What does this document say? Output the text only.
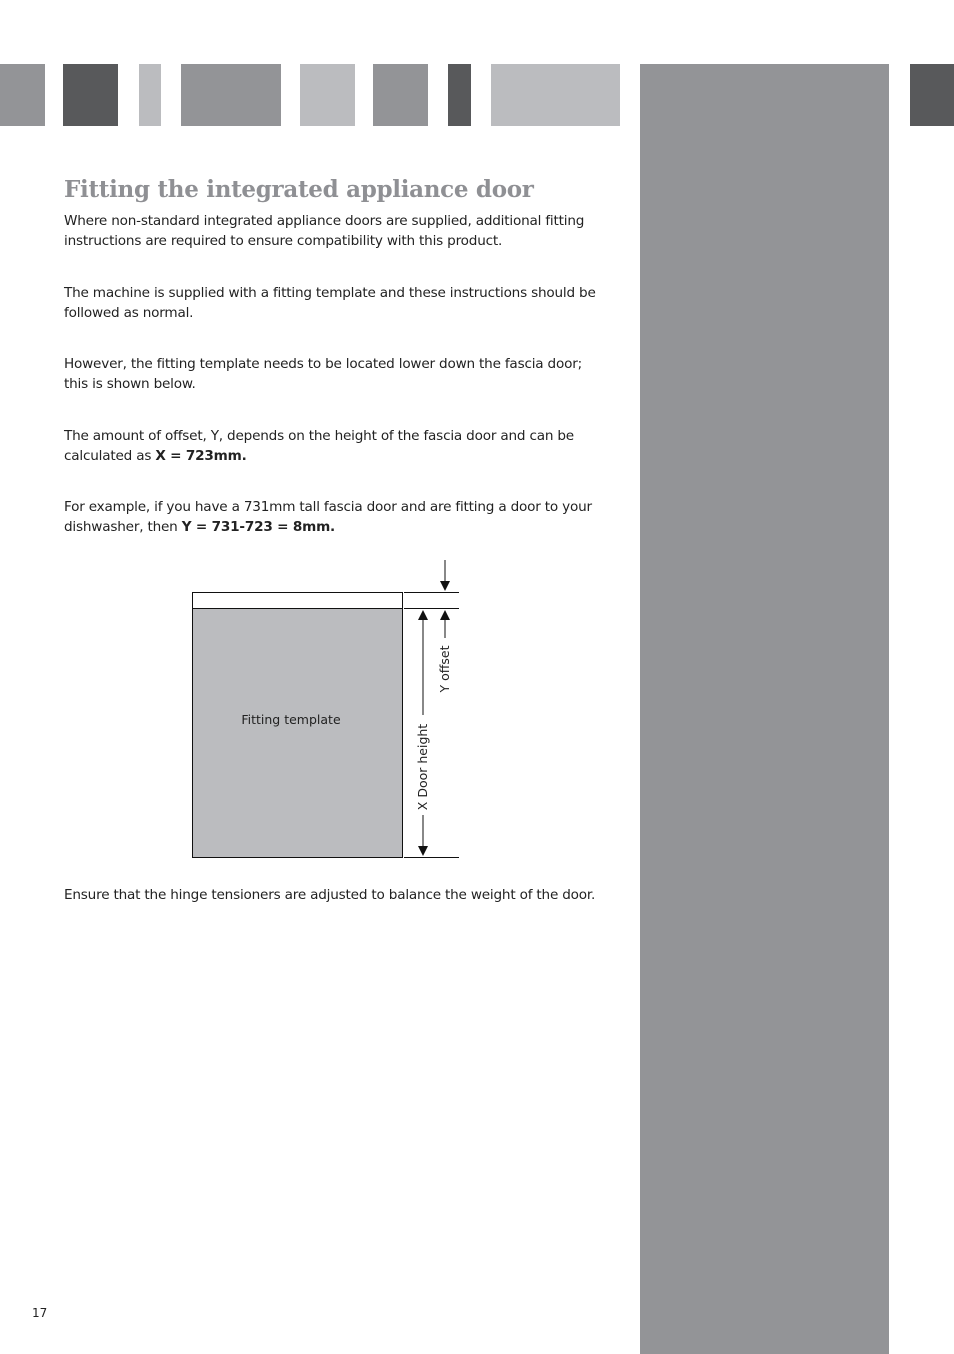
Fitting the integrated appliance door

Where non-standard integrated appliance doors are supplied, additional fitting instructions are required to ensure compatibility with this product.

The machine is supplied with a fitting template and these instructions should be followed as normal.

However, the fitting template needs to be located lower down the fascia door; this is shown below.

The amount of offset, Y, depends on the height of the fascia door and can be calculated as X = 723mm.

For example, if you have a 731mm tall fascia door and are fitting a door to your dishwasher, then Y = 731-723 = 8mm.

Fitting template
Y offset
X Door height

Ensure that the hinge tensioners are adjusted to balance the weight of the door.

17
